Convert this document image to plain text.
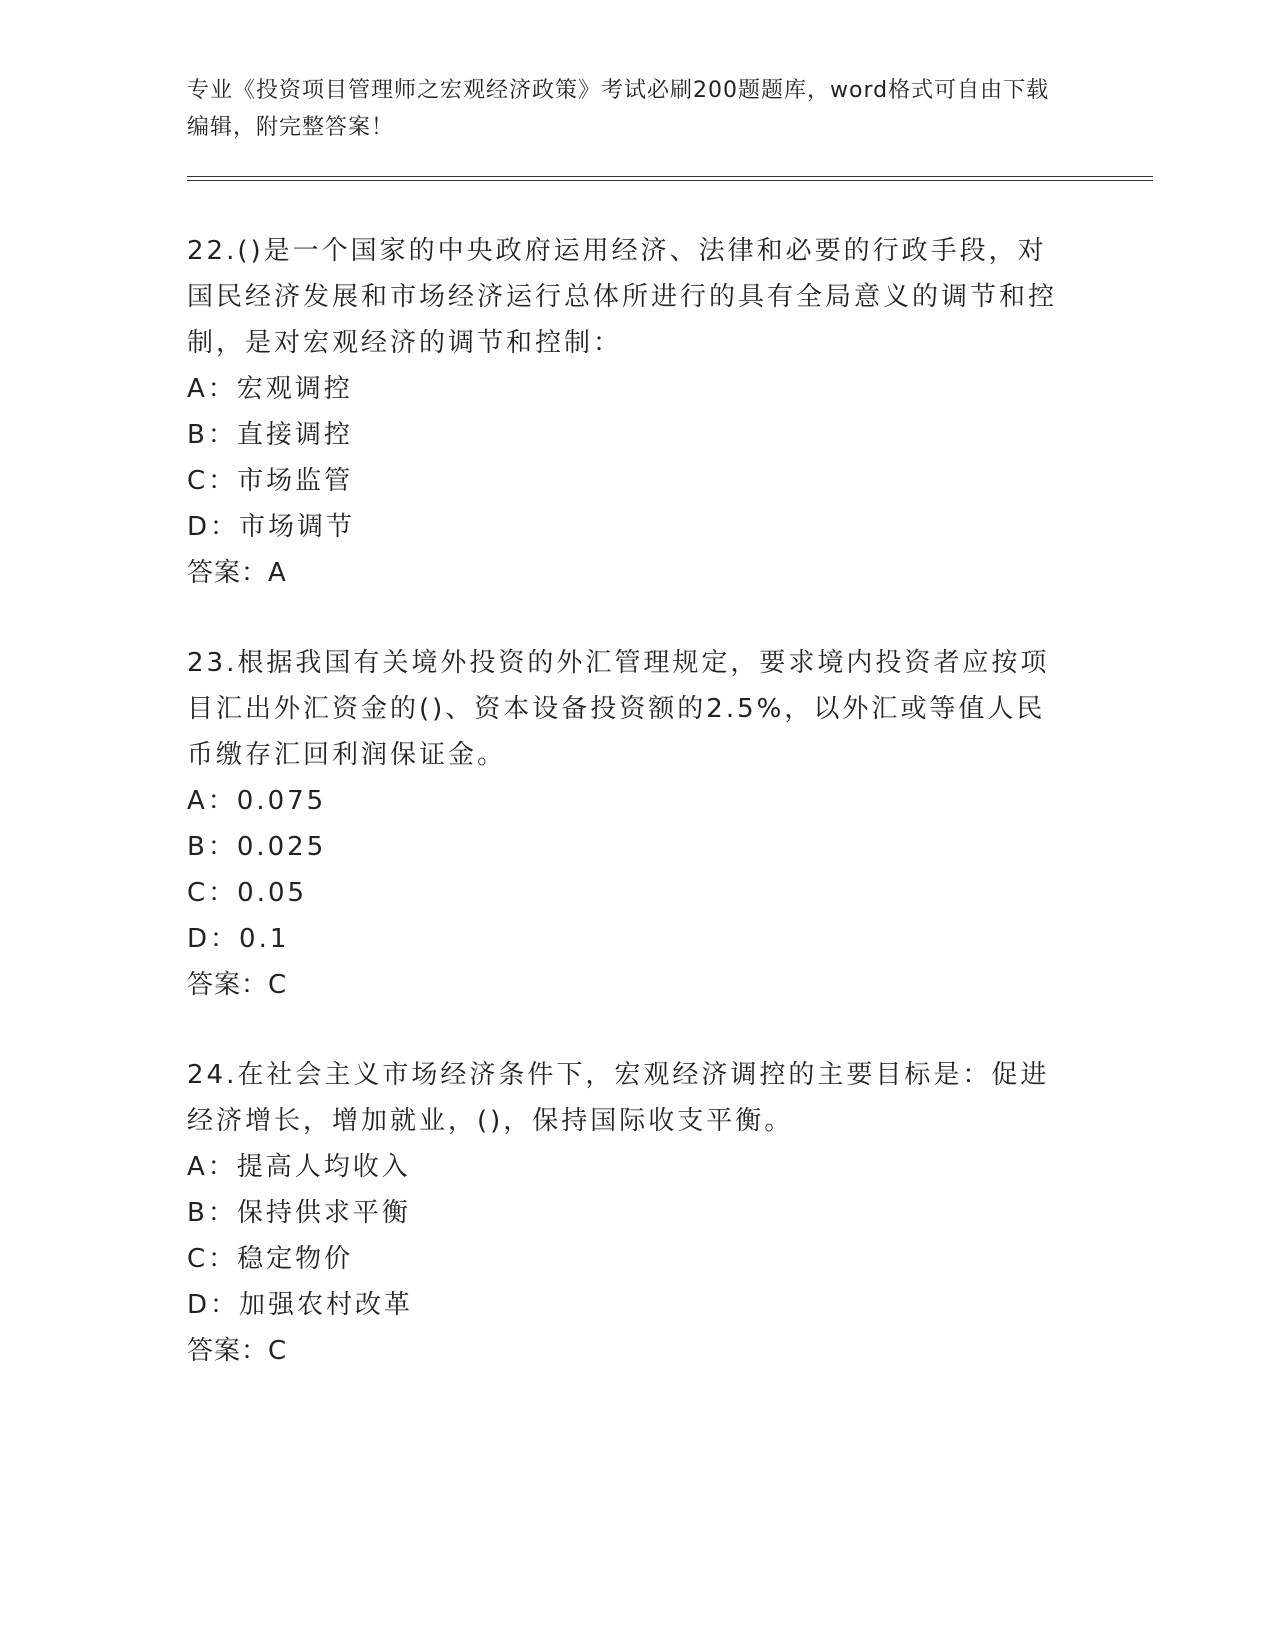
专业《投资项目管理师之宏观经济政策》考试必刷200题题库，word格式可自由下载编辑，附完整答案！

22.()是一个国家的中央政府运用经济、法律和必要的行政手段，对国民经济发展和市场经济运行总体所进行的具有全局意义的调节和控制，是对宏观经济的调节和控制：

A：宏观调控

B：直接调控

C：市场监管

D：市场调节

答案：A

23.根据我国有关境外投资的外汇管理规定，要求境内投资者应按项目汇出外汇资金的()、资本设备投资额的2.5%，以外汇或等值人民币缴存汇回利润保证金。

A：0.075

B：0.025

C：0.05

D：0.1

答案：C

24.在社会主义市场经济条件下，宏观经济调控的主要目标是：促进经济增长，增加就业，()，保持国际收支平衡。

A：提高人均收入

B：保持供求平衡

C：稳定物价

D：加强农村改革

答案：C
